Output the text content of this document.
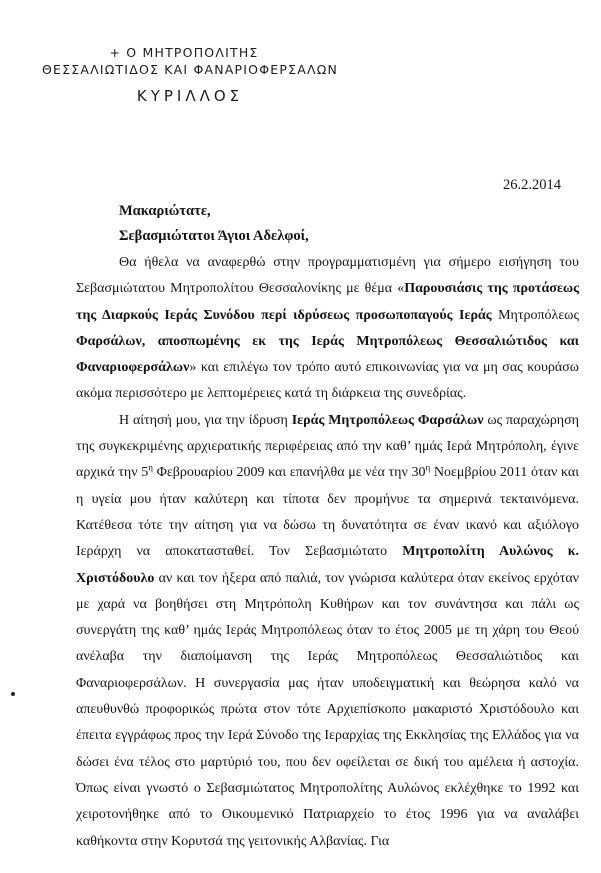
+ Ο ΜΗΤΡΟΠΟΛΙΤΗΣ
ΘΕΣΣΑΛΙΩΤΙΔΟΣ ΚΑΙ ΦΑΝΑΡΙΟΦΕΡΣΑΛΩΝ
ΚΥΡΙΛΛΟΣ
26.2.2014
Μακαριώτατε,
Σεβασμιώτατοι Άγιοι Αδελφοί,

Θα ήθελα να αναφερθώ στην προγραμματισμένη για σήμερο εισήγηση του Σεβασμιώτατου Μητροπολίτου Θεσσαλονίκης με θέμα «Παρουσιάσις της προτάσεως της Διαρκούς Ιεράς Συνόδου περί ιδρύσεως προσωποπαγούς Ιεράς Μητροπόλεως Φαρσάλων, αποσπωμένης εκ της Ιεράς Μητροπόλεως Θεσσαλιώτιδος και Φαναριοφερσάλων» και επιλέγω τον τρόπο αυτό επικοινωνίας για να μη σας κουράσω ακόμα περισσότερο με λεπτομέρειες κατά τη διάρκεια της συνεδρίας.

Η αίτησή μου, για την ίδρυση Ιεράς Μητροπόλεως Φαρσάλων ως παραχώρηση της συγκεκριμένης αρχιερατικής περιφέρειας από την καθ’ ημάς Ιερά Μητρόπολη, έγινε αρχικά την $5^\eta$ Φεβρουαρίου 2009 και επανήλθα με νέα την $30^\eta$ Νοεμβρίου 2011 όταν και η υγεία μου ήταν καλύτερη και τίποτα δεν προμήνυε τα σημερινά τεκταινόμενα. Κατέθεσα τότε την αίτηση για να δώσω τη δυνατότητα σε έναν ικανό και αξιόλογο Ιεράρχη να αποκατασταθεί. Τον Σεβασμιώτατο Μητροπολίτη Αυλώνος κ. Χριστόδουλο αν και τον ήξερα από παλιά, τον γνώρισα καλύτερα όταν εκείνος ερχόταν με χαρά να βοηθήσει στη Μητρόπολη Κυθήρων και τον συνάντησα και πάλι ως συνεργάτη της καθ’ ημάς Ιεράς Μητροπόλεως όταν το έτος 2005 με τη χάρη του Θεού ανέλαβα την διαποίμανση της Ιεράς Μητροπόλεως Θεσσαλιώτιδος και Φαναριοφερσάλων. Η συνεργασία μας ήταν υποδειγματική και θεώρησα καλό να απευθυνθώ προφορικώς πρώτα στον τότε Αρχιεπίσκοπο μακαριστό Χριστόδουλο και έπειτα εγγράφως προς την Ιερά Σύνοδο της Ιεραρχίας της Εκκλησίας της Ελλάδος για να δώσει ένα τέλος στο μαρτύριό του, που δεν οφείλεται σε δική του αμέλεια ή αστοχία. Όπως είναι γνωστό ο Σεβασμιώτατος Μητροπολίτης Αυλώνος εκλέχθηκε το 1992 και χειροτονήθηκε από το Οικουμενικό Πατριαρχείο το έτος 1996 για να αναλάβει καθήκοντα στην Κορυτσά της γειτονικής Αλβανίας. Για
